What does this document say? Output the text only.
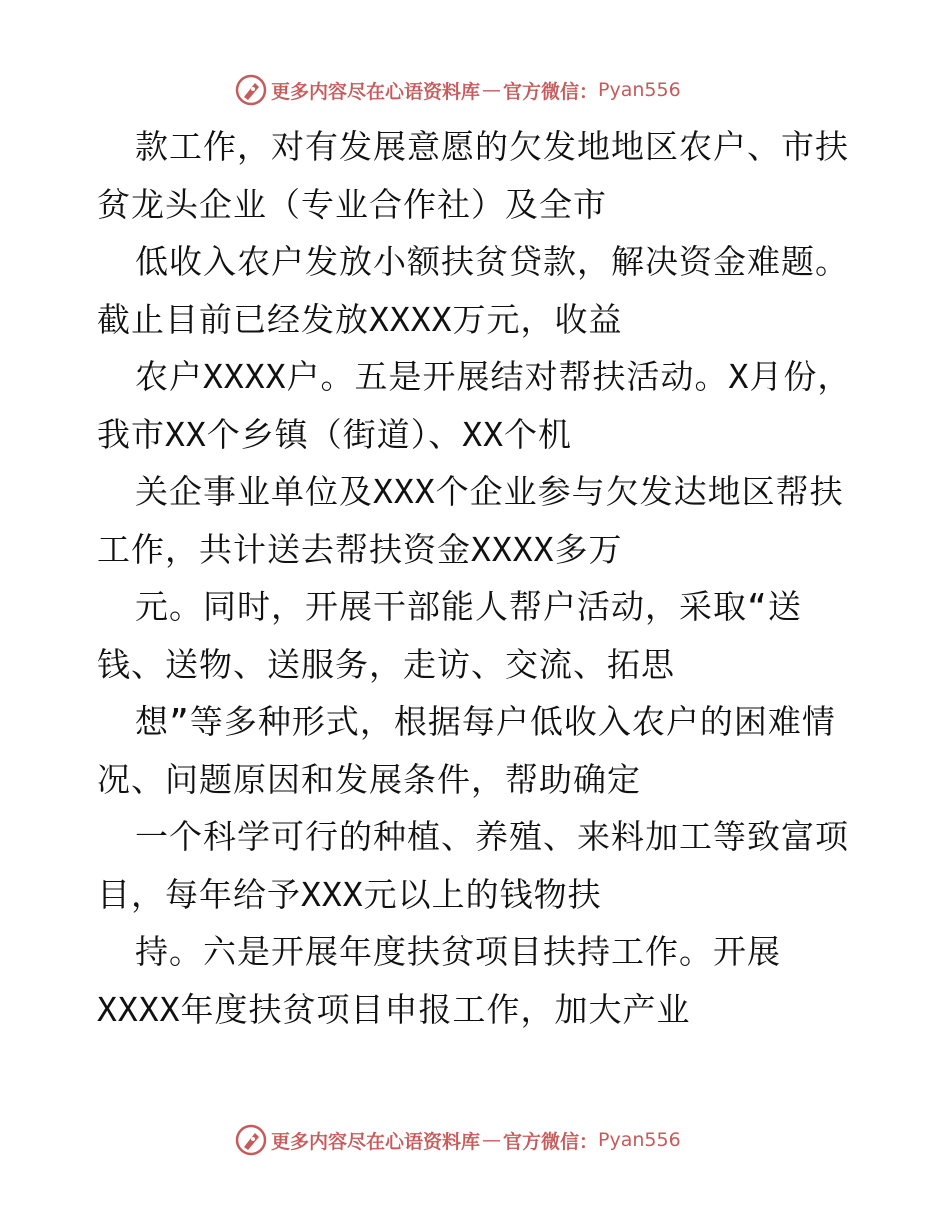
更多内容尽在心语资料库 — 官方微信： Pyan556
款工作，对有发展意愿的欠发地地区农户、市扶
贫龙头企业（专业合作社）及全市
低收入农户发放小额扶贫贷款，解决资金难题。
截止目前已经发放XXXX万元，收益
农户XXXX户。五是开展结对帮扶活动。X月份，
我市XX个乡镇（街道）、XX个机
关企事业单位及XXX个企业参与欠发达地区帮扶
工作，共计送去帮扶资金XXXX多万
元。同时，开展干部能人帮户活动，采取“送
钱、送物、送服务，走访、交流、拓思
想”等多种形式，根据每户低收入农户的困难情
况、问题原因和发展条件，帮助确定
一个科学可行的种植、养殖、来料加工等致富项
目，每年给予XXX元以上的钱物扶
持。六是开展年度扶贫项目扶持工作。开展
XXXX年度扶贫项目申报工作，加大产业
更多内容尽在心语资料库 — 官方微信： Pyan556
